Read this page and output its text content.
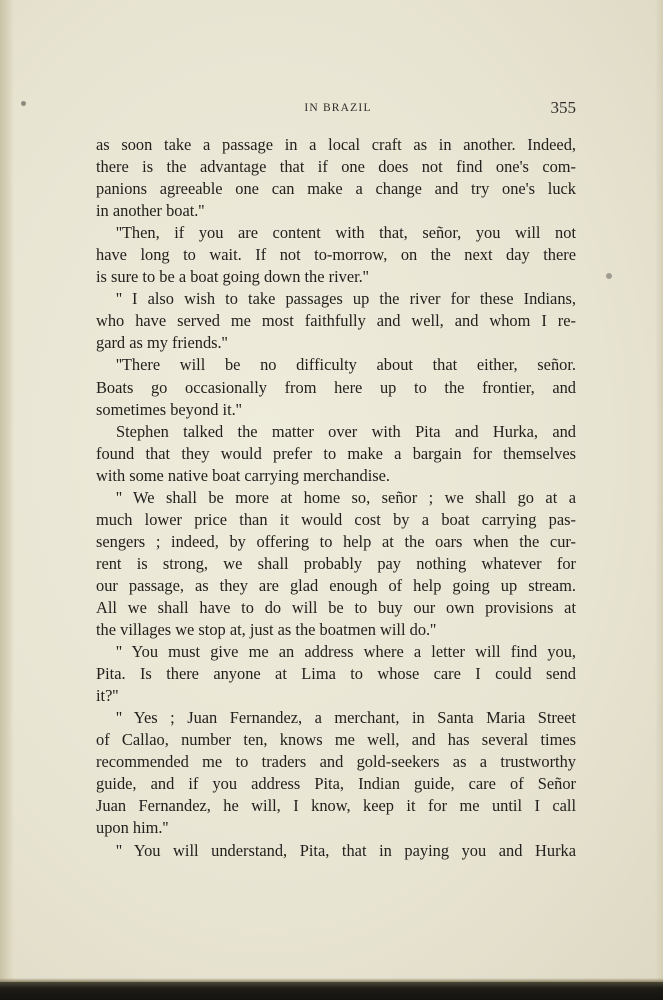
IN BRAZIL	355
as soon take a passage in a local craft as in another. Indeed,
there is the advantage that if one does not find one's com-
panions agreeable one can make a change and try one's luck
in another boat.''
''Then, if you are content with that, señor, you will not
have long to wait. If not to-morrow, on the next day there
is sure to be a boat going down the river.''
'' I also wish to take passages up the river for these Indians,
who have served me most faithfully and well, and whom I re-
gard as my friends.''
''There will be no difficulty about that either, señor.
Boats go occasionally from here up to the frontier, and
sometimes beyond it.''
Stephen talked the matter over with Pita and Hurka, and
found that they would prefer to make a bargain for themselves
with some native boat carrying merchandise.
'' We shall be more at home so, señor ; we shall go at a
much lower price than it would cost by a boat carrying pas-
sengers ; indeed, by offering to help at the oars when the cur-
rent is strong, we shall probably pay nothing whatever for
our passage, as they are glad enough of help going up stream.
All we shall have to do will be to buy our own provisions at
the villages we stop at, just as the boatmen will do.''
'' You must give me an address where a letter will find you,
Pita. Is there anyone at Lima to whose care I could send
it?''
'' Yes ; Juan Fernandez, a merchant, in Santa Maria Street
of Callao, number ten, knows me well, and has several times
recommended me to traders and gold-seekers as a trustworthy
guide, and if you address Pita, Indian guide, care of Señor
Juan Fernandez, he will, I know, keep it for me until I call
upon him.''
'' You will understand, Pita, that in paying you and Hurka
